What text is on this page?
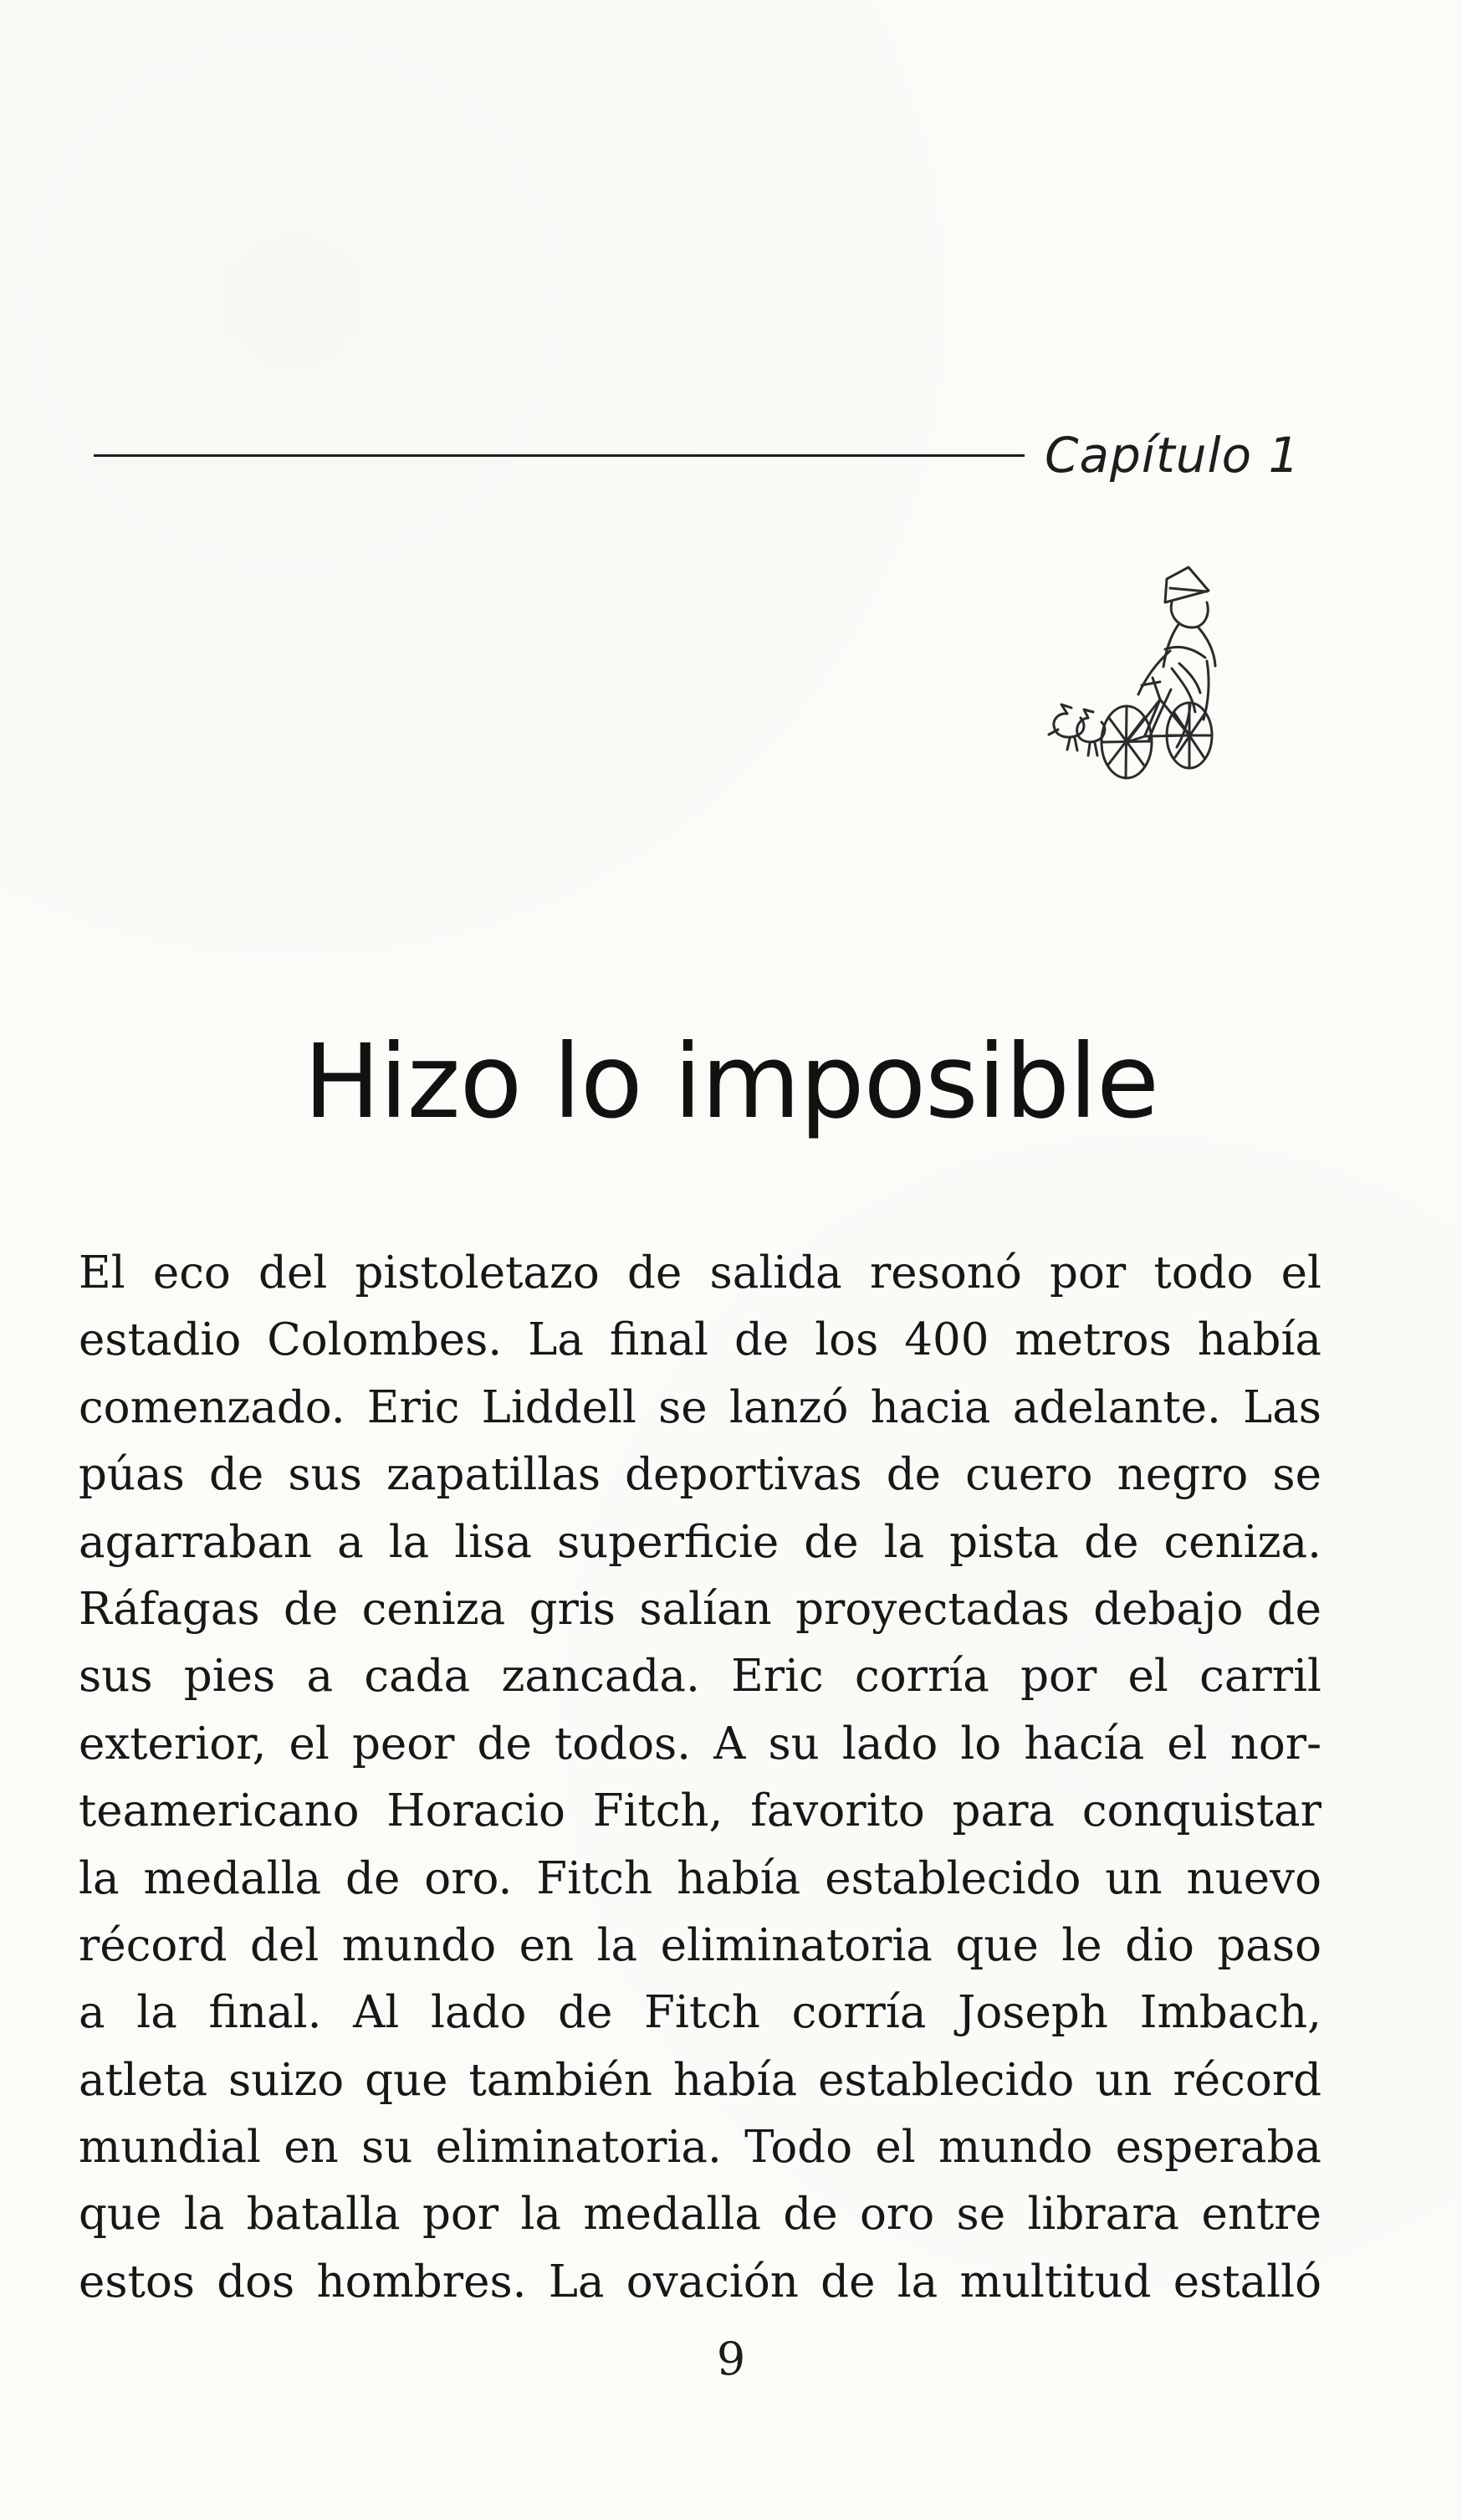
Capítulo 1
Hizo lo imposible
El eco del pistoletazo de salida resonó por todo el
estadio Colombes. La final de los 400 metros había
comenzado. Eric Liddell se lanzó hacia adelante. Las
púas de sus zapatillas deportivas de cuero negro se
agarraban a la lisa superficie de la pista de ceniza.
Ráfagas de ceniza gris salían proyectadas debajo de
sus pies a cada zancada. Eric corría por el carril
exterior, el peor de todos. A su lado lo hacía el nor-
teamericano Horacio Fitch, favorito para conquistar
la medalla de oro. Fitch había establecido un nuevo
récord del mundo en la eliminatoria que le dio paso
a la final. Al lado de Fitch corría Joseph Imbach,
atleta suizo que también había establecido un récord
mundial en su eliminatoria. Todo el mundo esperaba
que la batalla por la medalla de oro se librara entre
estos dos hombres. La ovación de la multitud estalló
9
